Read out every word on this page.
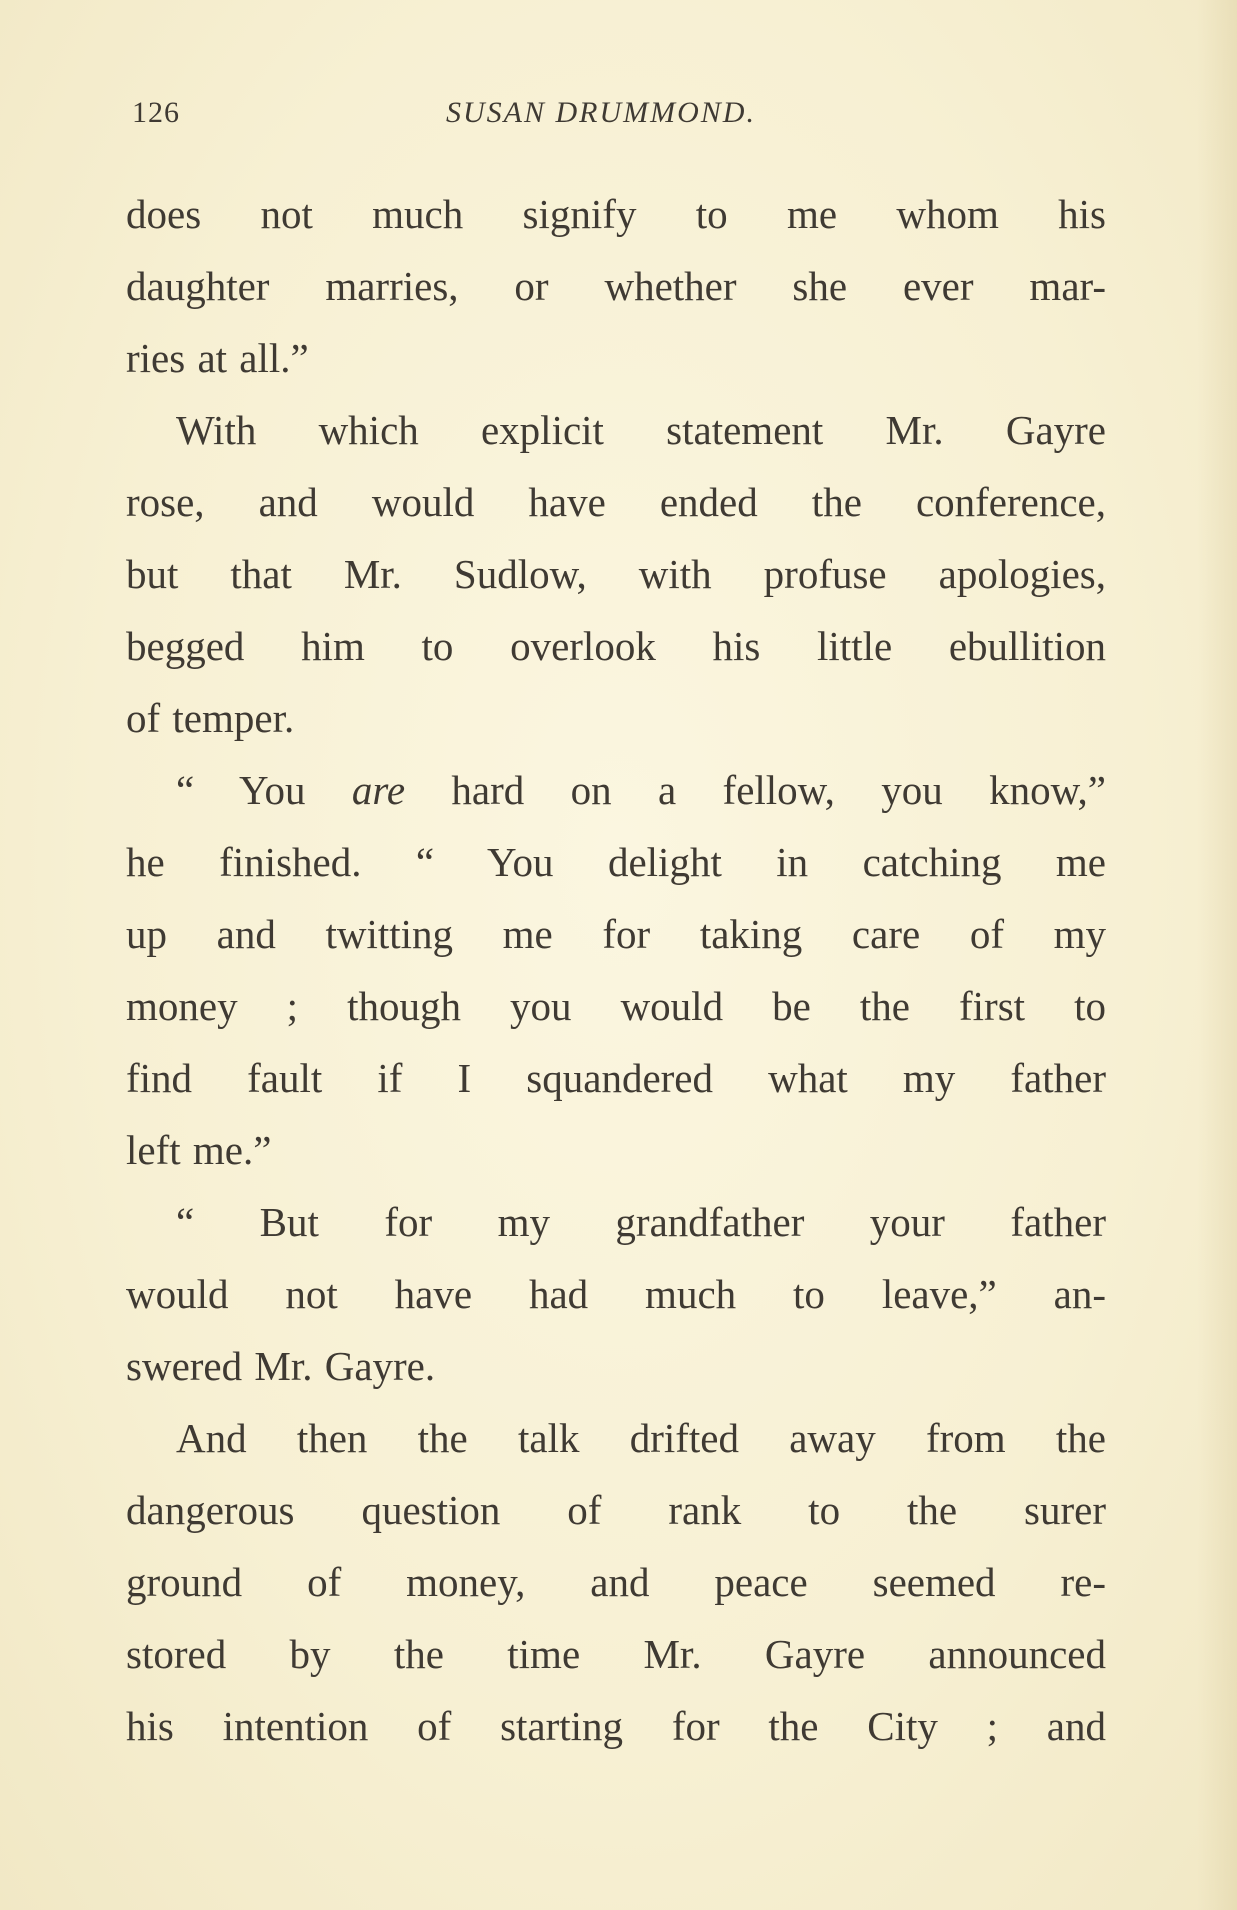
126	SUSAN DRUMMOND.
does not much signify to me whom his
daughter marries, or whether she ever mar-
ries at all.”
With which explicit statement Mr. Gayre
rose, and would have ended the conference,
but that Mr. Sudlow, with profuse apologies,
begged him to overlook his little ebullition
of temper.
“ You are hard on a fellow, you know,”
he finished. “ You delight in catching me
up and twitting me for taking care of my
money ; though you would be the first to
find fault if I squandered what my father
left me.”
“ But for my grandfather your father
would not have had much to leave,” an-
swered Mr. Gayre.
And then the talk drifted away from the
dangerous question of rank to the surer
ground of money, and peace seemed re-
stored by the time Mr. Gayre announced
his intention of starting for the City ; and
